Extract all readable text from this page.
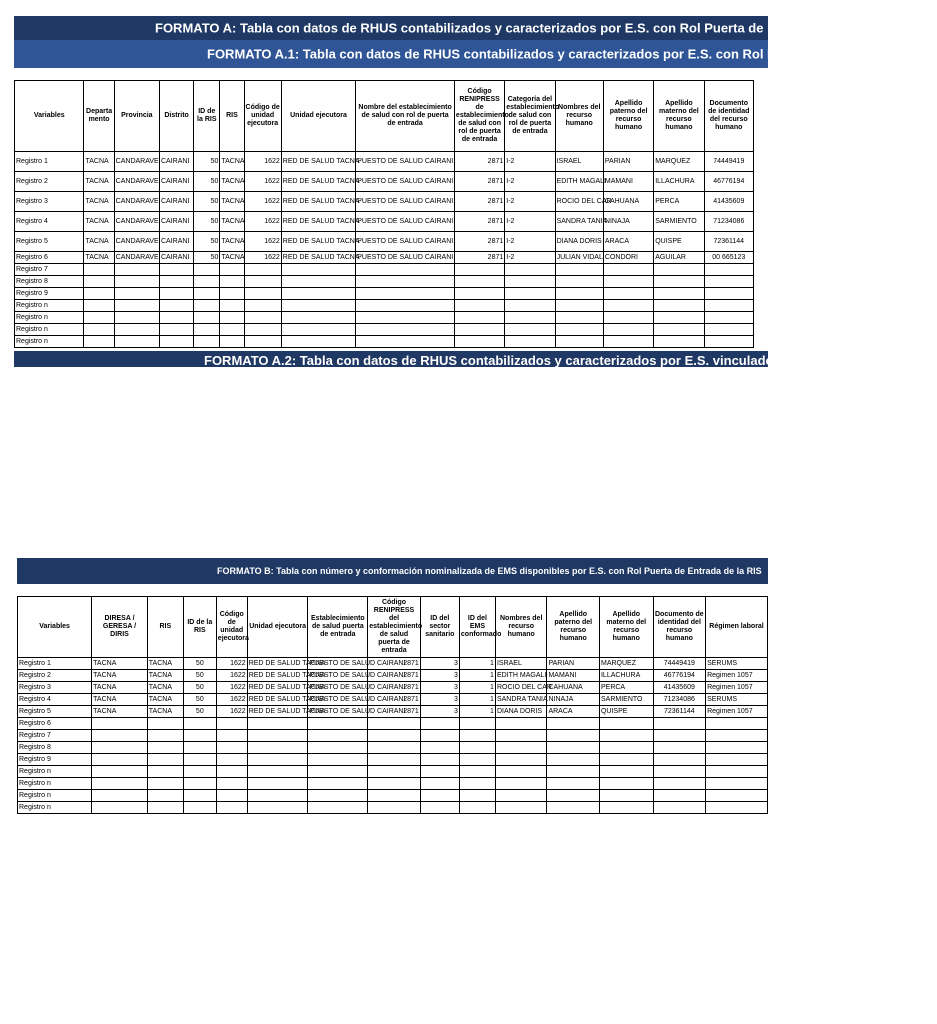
FORMATO A: Tabla con datos de RHUS contabilizados y caracterizados por E.S. con Rol Puerta de Entrada de la RIS
FORMATO A.1: Tabla con datos de RHUS contabilizados y caracterizados por E.S. con Rol Puerta de Entrada de la RIS
Variables	Departa mento	Provincia	Distrito	ID de la RIS	RIS	Código de unidad ejecutora	Unidad ejecutora	Nombre del establecimiento de salud con rol de puerta de entrada	Código RENIPRESS de establecimiento de salud con rol de puerta de entrada	Categoría del establecimiento de salud con rol de puerta de entrada	Nombres del recurso humano	Apellido paterno del recurso humano	Apellido materno del recurso humano	Documento de identidad del recurso humano
Registro 1	TACNA	CANDARAVE	CAIRANI	50	TACNA	1622	RED DE SALUD TACNA	PUESTO DE SALUD CAIRANI	2871	I-2	ISRAEL	PARIAN	MARQUEZ	74449419
Registro 2	TACNA	CANDARAVE	CAIRANI	50	TACNA	1622	RED DE SALUD TACNA	PUESTO DE SALUD CAIRANI	2871	I-2	EDITH MAGALI	MAMANI	ILLACHURA	46776194
Registro 3	TACNA	CANDARAVE	CAIRANI	50	TACNA	1622	RED DE SALUD TACNA	PUESTO DE SALUD CAIRANI	2871	I-2	ROCIO DEL CAR	CAHUANA	PERCA	41435609
Registro 4	TACNA	CANDARAVE	CAIRANI	50	TACNA	1622	RED DE SALUD TACNA	PUESTO DE SALUD CAIRANI	2871	I-2	SANDRA TANIA	NINAJA	SARMIENTO	71234086
Registro 5	TACNA	CANDARAVE	CAIRANI	50	TACNA	1622	RED DE SALUD TACNA	PUESTO DE SALUD CAIRANI	2871	I-2	DIANA DORIS	ARACA	QUISPE	72361144
Registro 6	TACNA	CANDARAVE	CAIRANI	50	TACNA	1622	RED DE SALUD TACNA	PUESTO DE SALUD CAIRANI	2871	I-2	JULIAN VIDAL	CONDORI	AGUILAR	00 665123
Registro 7														
Registro 8														
Registro 9														
Registro n														
Registro n														
Registro n														
Registro n														
FORMATO A.2: Tabla con datos de RHUS contabilizados y caracterizados por E.S. vinculado a un E
FORMATO B: Tabla con número y conformación nominalizada de EMS disponibles por E.S. con Rol Puerta de Entrada de la RIS
Variables	DIRESA / GERESA / DIRIS	RIS	ID de la RIS	Código de unidad ejecutora	Unidad ejecutora	Establecimiento de salud puerta de entrada	Código RENIPRESS del establecimiento de salud puerta de entrada	ID del sector sanitario	ID del EMS conformado	Nombres del recurso humano	Apellido paterno del recurso humano	Apellido materno del recurso humano	Documento de identidad del recurso humano	Régimen laboral
Registro 1	TACNA	TACNA	50	1622	RED DE SALUD TACNA	PUESTO DE SALUD CAIRANI	2871	3	1	ISRAEL	PARIAN	MARQUEZ	74449419	SERUMS
Registro 2	TACNA	TACNA	50	1622	RED DE SALUD TACNA	PUESTO DE SALUD CAIRANI	2871	3	1	EDITH MAGALI	MAMANI	ILLACHURA	46776194	Regimen 1057
Registro 3	TACNA	TACNA	50	1622	RED DE SALUD TACNA	PUESTO DE SALUD CAIRANI	2871	3	1	ROCIO DEL CAR	CAHUANA	PERCA	41435609	Regimen 1057
Registro 4	TACNA	TACNA	50	1622	RED DE SALUD TACNA	PUESTO DE SALUD CAIRANI	2871	3	1	SANDRA TANIA	NINAJA	SARMIENTO	71234086	SERUMS
Registro 5	TACNA	TACNA	50	1622	RED DE SALUD TACNA	PUESTO DE SALUD CAIRANI	2871	3	1	DIANA DORIS	ARACA	QUISPE	72361144	Regimen 1057
Registro 6														
Registro 7														
Registro 8														
Registro 9														
Registro n														
Registro n														
Registro n														
Registro n														
